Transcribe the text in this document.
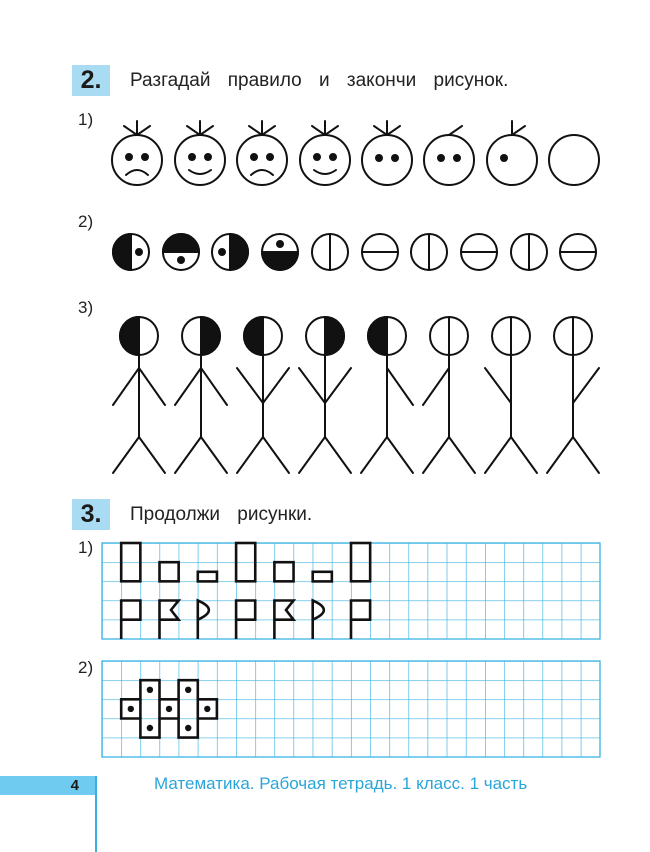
2.	Разгадай правило и закончи рисунок.
1)
2)
3)
3.	Продолжи рисунки.
1)
2)
4	Математика. Рабочая тетрадь. 1 класс. 1 часть
